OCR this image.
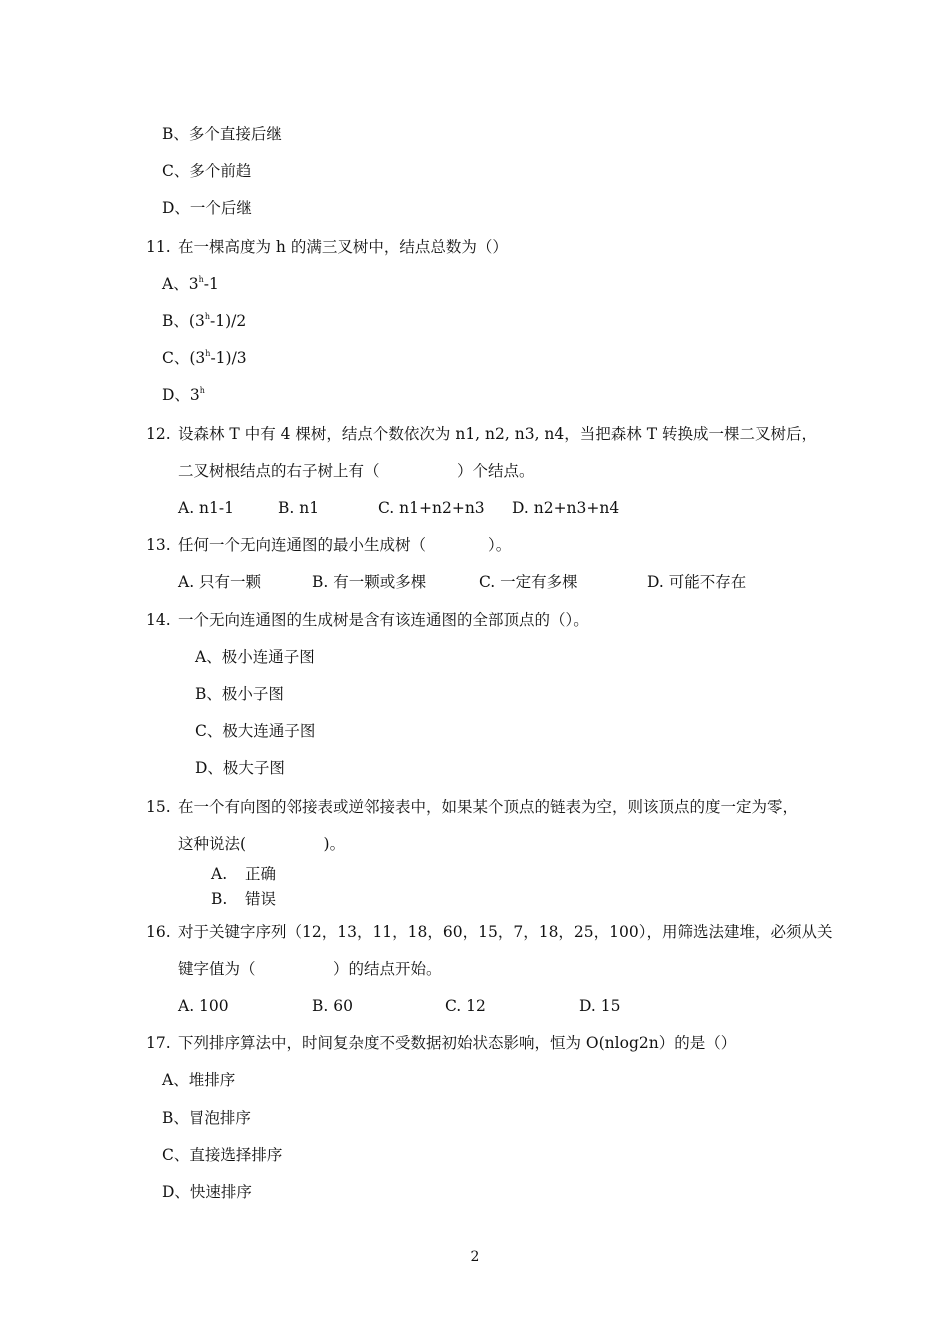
B、多个直接后继
C、多个前趋
D、一个后继
11. 在一棵高度为 h 的满三叉树中，结点总数为（）
A、3$^h$-1
B、(3$^h$-1)/2
C、(3$^h$-1)/3
D、3$^h$
12. 设森林 T 中有 4 棵树，结点个数依次为 n1, n2, n3, n4，当把森林 T 转换成一棵二叉树后，
二叉树根结点的右子树上有（　　　　　）个结点。
A. n1-1	B. n1	C. n1+n2+n3 D. n2+n3+n4
13. 任何一个无向连通图的最小生成树（　　　　）。
A. 只有一颗	B. 有一颗或多棵	C. 一定有多棵	D. 可能不存在
14. 一个无向连通图的生成树是含有该连通图的全部顶点的（）。
A、极小连通子图
B、极小子图
C、极大连通子图
D、极大子图
15. 在一个有向图的邻接表或逆邻接表中，如果某个顶点的链表为空，则该顶点的度一定为零，
这种说法(　　　　　)。
A. 正确
B. 错误
16. 对于关键字序列（12，13，11，18，60，15，7，18，25，100），用筛选法建堆，必须从关
键字值为（　　　　　）的结点开始。
A. 100	B. 60	C. 12	D. 15
17. 下列排序算法中，时间复杂度不受数据初始状态影响，恒为 O(nlog2n）的是（）
A、堆排序
B、冒泡排序
C、直接选择排序
D、快速排序
2
